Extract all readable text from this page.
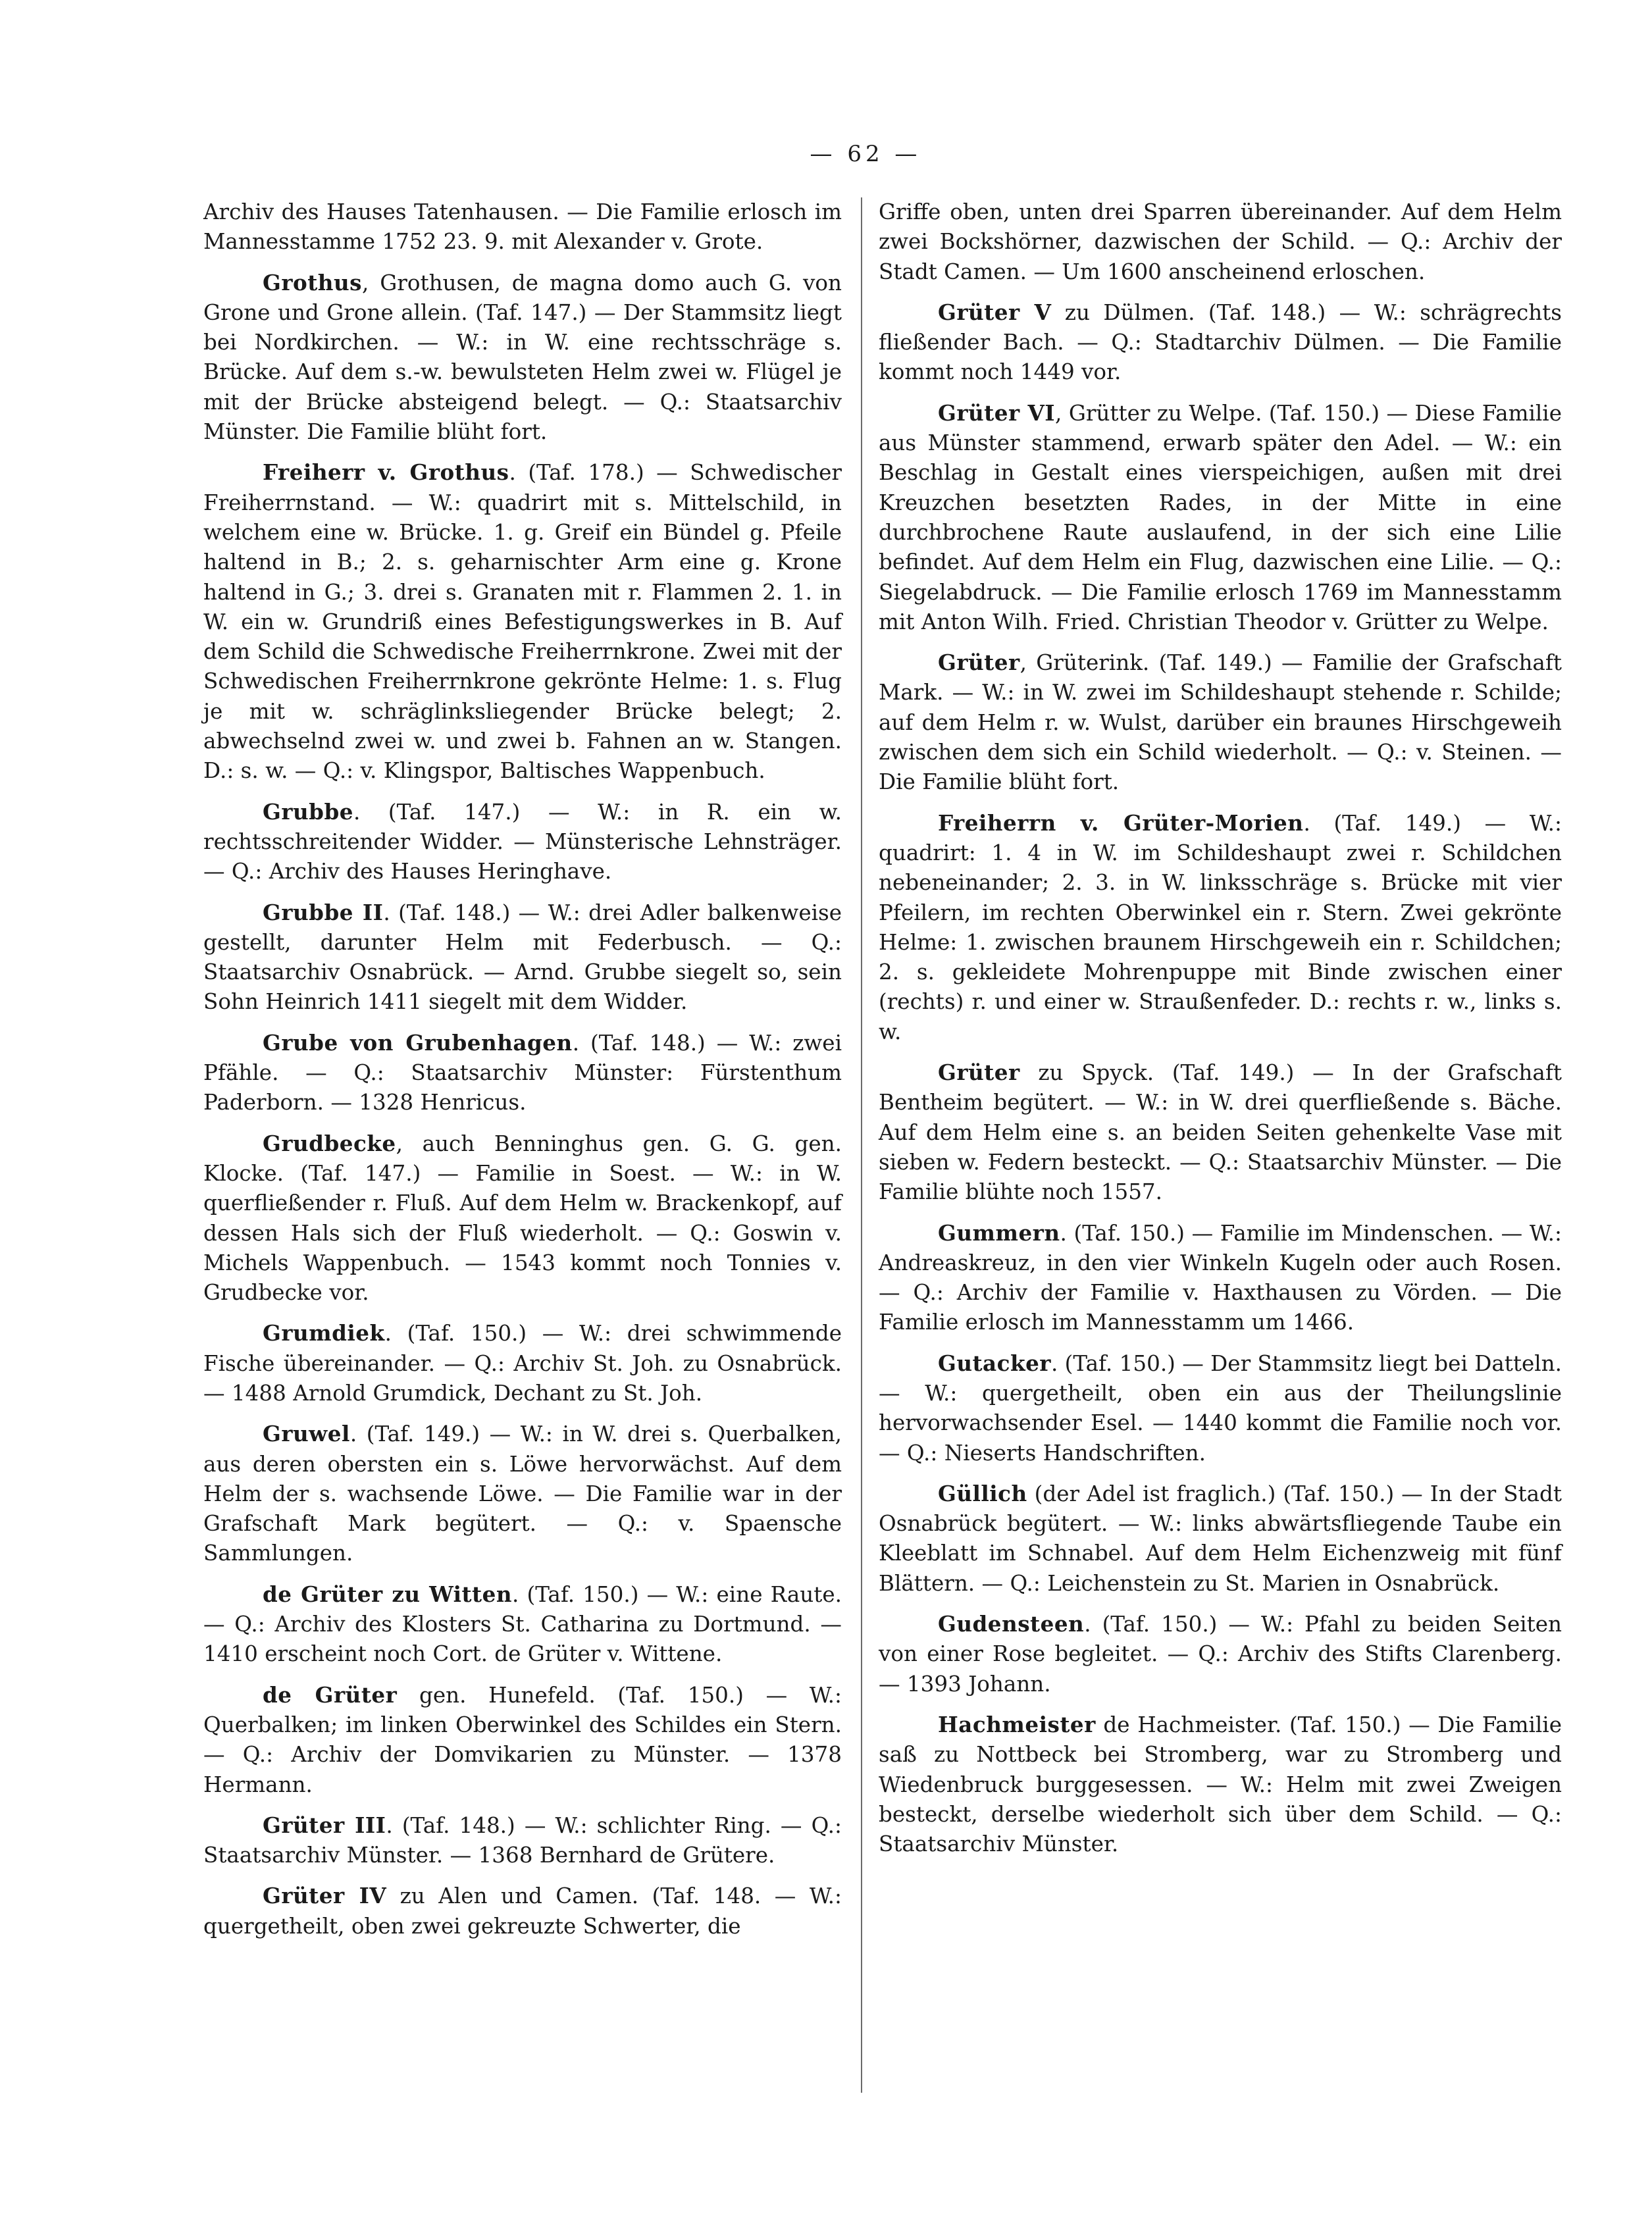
— 62 —

Archiv des Hauses Tatenhausen. — Die Familie erlosch im Mannesstamme 1752 23. 9. mit Alexander v. Grote.

Grothus, Grothusen, de magna domo auch G. von Grone und Grone allein. (Taf. 147.) — Der Stammsitz liegt bei Nordkirchen. — W.: in W. eine rechtsschräge s. Brücke. Auf dem s.-w. bewulsteten Helm zwei w. Flügel je mit der Brücke absteigend belegt. — Q.: Staatsarchiv Münster. Die Familie blüht fort.

Freiherr v. Grothus. (Taf. 178.) — Schwedischer Freiherrnstand. — W.: quadrirt mit s. Mittelschild, in welchem eine w. Brücke. 1. g. Greif ein Bündel g. Pfeile haltend in B.; 2. s. geharnischter Arm eine g. Krone haltend in G.; 3. drei s. Granaten mit r. Flammen 2. 1. in W. ein w. Grundriß eines Befestigungswerkes in B. Auf dem Schild die Schwedische Freiherrnkrone. Zwei mit der Schwedischen Freiherrnkrone gekrönte Helme: 1. s. Flug je mit w. schräglinksliegender Brücke belegt; 2. abwechselnd zwei w. und zwei b. Fahnen an w. Stangen. D.: s. w. — Q.: v. Klingspor, Baltisches Wappenbuch.

Grubbe. (Taf. 147.) — W.: in R. ein w. rechtsschreitender Widder. — Münsterische Lehnsträger. — Q.: Archiv des Hauses Heringhave.

Grubbe II. (Taf. 148.) — W.: drei Adler balkenweise gestellt, darunter Helm mit Federbusch. — Q.: Staatsarchiv Osnabrück. — Arnd. Grubbe siegelt so, sein Sohn Heinrich 1411 siegelt mit dem Widder.

Grube von Grubenhagen. (Taf. 148.) — W.: zwei Pfähle. — Q.: Staatsarchiv Münster: Fürstenthum Paderborn. — 1328 Henricus.

Grudbecke, auch Benninghus gen. G. G. gen. Klocke. (Taf. 147.) — Familie in Soest. — W.: in W. querfließender r. Fluß. Auf dem Helm w. Brackenkopf, auf dessen Hals sich der Fluß wiederholt. — Q.: Goswin v. Michels Wappenbuch. — 1543 kommt noch Tonnies v. Grudbecke vor.

Grumdiek. (Taf. 150.) — W.: drei schwimmende Fische übereinander. — Q.: Archiv St. Joh. zu Osnabrück. — 1488 Arnold Grumdick, Dechant zu St. Joh.

Gruwel. (Taf. 149.) — W.: in W. drei s. Querbalken, aus deren obersten ein s. Löwe hervorwächst. Auf dem Helm der s. wachsende Löwe. — Die Familie war in der Grafschaft Mark begütert. — Q.: v. Spaensche Sammlungen.

de Grüter zu Witten. (Taf. 150.) — W.: eine Raute. — Q.: Archiv des Klosters St. Catharina zu Dortmund. — 1410 erscheint noch Cort. de Grüter v. Wittene.

de Grüter gen. Hunefeld. (Taf. 150.) — W.: Querbalken; im linken Oberwinkel des Schildes ein Stern. — Q.: Archiv der Domvikarien zu Münster. — 1378 Hermann.

Grüter III. (Taf. 148.) — W.: schlichter Ring. — Q.: Staatsarchiv Münster. — 1368 Bernhard de Grütere.

Grüter IV zu Alen und Camen. (Taf. 148. — W.: quergetheilt, oben zwei gekreuzte Schwerter, die

Griffe oben, unten drei Sparren übereinander. Auf dem Helm zwei Bockshörner, dazwischen der Schild. — Q.: Archiv der Stadt Camen. — Um 1600 anscheinend erloschen.

Grüter V zu Dülmen. (Taf. 148.) — W.: schrägrechts fließender Bach. — Q.: Stadtarchiv Dülmen. — Die Familie kommt noch 1449 vor.

Grüter VI, Grütter zu Welpe. (Taf. 150.) — Diese Familie aus Münster stammend, erwarb später den Adel. — W.: ein Beschlag in Gestalt eines vierspeichigen, außen mit drei Kreuzchen besetzten Rades, in der Mitte in eine durchbrochene Raute auslaufend, in der sich eine Lilie befindet. Auf dem Helm ein Flug, dazwischen eine Lilie. — Q.: Siegelabdruck. — Die Familie erlosch 1769 im Mannesstamm mit Anton Wilh. Fried. Christian Theodor v. Grütter zu Welpe.

Grüter, Grüterink. (Taf. 149.) — Familie der Grafschaft Mark. — W.: in W. zwei im Schildeshaupt stehende r. Schilde; auf dem Helm r. w. Wulst, darüber ein braunes Hirschgeweih zwischen dem sich ein Schild wiederholt. — Q.: v. Steinen. — Die Familie blüht fort.

Freiherrn v. Grüter-Morien. (Taf. 149.) — W.: quadrirt: 1. 4 in W. im Schildeshaupt zwei r. Schildchen nebeneinander; 2. 3. in W. linksschräge s. Brücke mit vier Pfeilern, im rechten Oberwinkel ein r. Stern. Zwei gekrönte Helme: 1. zwischen braunem Hirschgeweih ein r. Schildchen; 2. s. gekleidete Mohrenpuppe mit Binde zwischen einer (rechts) r. und einer w. Straußenfeder. D.: rechts r. w., links s. w.

Grüter zu Spyck. (Taf. 149.) — In der Grafschaft Bentheim begütert. — W.: in W. drei querfließende s. Bäche. Auf dem Helm eine s. an beiden Seiten gehenkelte Vase mit sieben w. Federn besteckt. — Q.: Staatsarchiv Münster. — Die Familie blühte noch 1557.

Gummern. (Taf. 150.) — Familie im Mindenschen. — W.: Andreaskreuz, in den vier Winkeln Kugeln oder auch Rosen. — Q.: Archiv der Familie v. Haxthausen zu Vörden. — Die Familie erlosch im Mannesstamm um 1466.

Gutacker. (Taf. 150.) — Der Stammsitz liegt bei Datteln. — W.: quergetheilt, oben ein aus der Theilungslinie hervorwachsender Esel. — 1440 kommt die Familie noch vor. — Q.: Nieserts Handschriften.

Güllich (der Adel ist fraglich.) (Taf. 150.) — In der Stadt Osnabrück begütert. — W.: links abwärtsfliegende Taube ein Kleeblatt im Schnabel. Auf dem Helm Eichenzweig mit fünf Blättern. — Q.: Leichenstein zu St. Marien in Osnabrück.

Gudensteen. (Taf. 150.) — W.: Pfahl zu beiden Seiten von einer Rose begleitet. — Q.: Archiv des Stifts Clarenberg. — 1393 Johann.

Hachmeister de Hachmeister. (Taf. 150.) — Die Familie saß zu Nottbeck bei Stromberg, war zu Stromberg und Wiedenbruck burggesessen. — W.: Helm mit zwei Zweigen besteckt, derselbe wiederholt sich über dem Schild. — Q.: Staatsarchiv Münster.
